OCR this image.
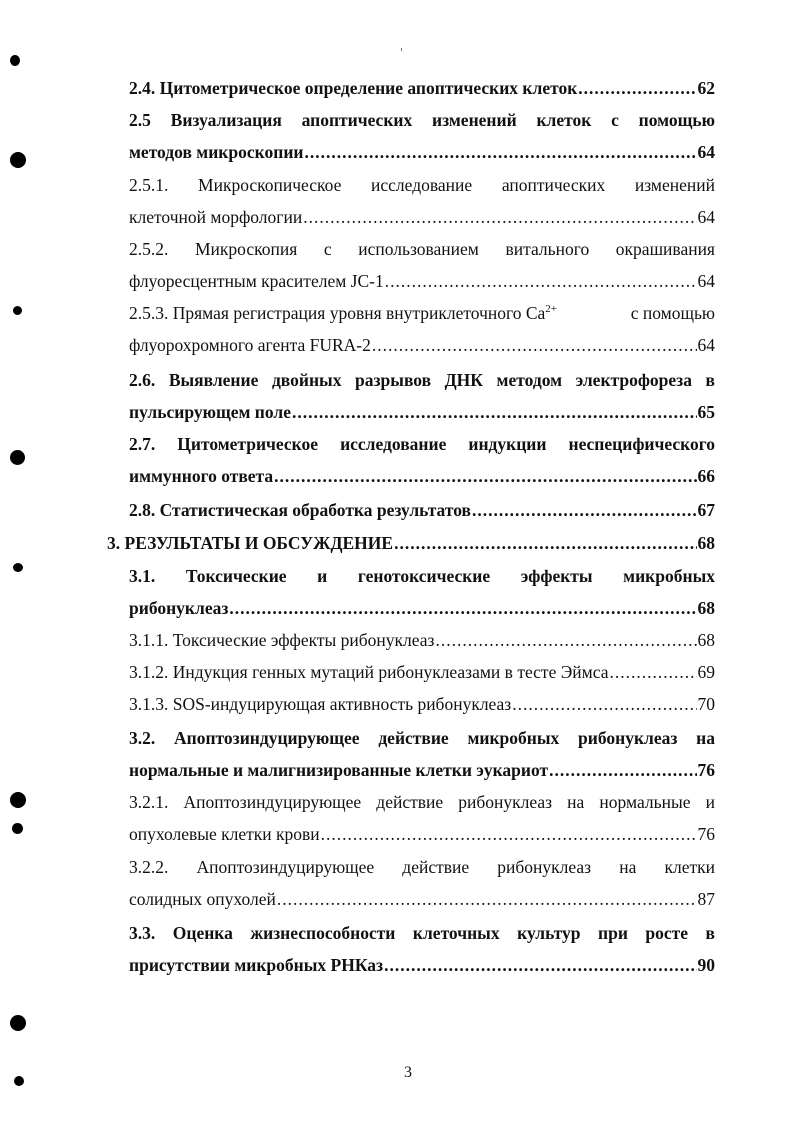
2.4. Цитометрическое определение апоптических клеток .....	62
2.5 Визуализация апоптических изменений клеток с помощью
методов микроскопии .....	64
2.5.1. Микроскопическое исследование апоптических изменений
клеточной морфологии .....	64
2.5.2. Микроскопия с использованием витального окрашивания
флуоресцентным красителем JC-1 .....	64
2.5.3. Прямая регистрация уровня внутриклеточного $Ca^{2+}$	с помощью
флуорохромного агента FURA-2 .....	64
2.6. Выявление двойных разрывов ДНК методом электрофореза в
пульсирующем поле .....	65
2.7. Цитометрическое исследование индукции неспецифического
иммунного ответа .....	66
2.8. Статистическая обработка результатов .....	67
3. РЕЗУЛЬТАТЫ И ОБСУЖДЕНИЕ .....	68
3.1. Токсические и генотоксические эффекты микробных
рибонуклеаз .....	68
3.1.1. Токсические эффекты рибонуклеаз .....	68
3.1.2. Индукция генных мутаций рибонуклеазами в тесте Эймса .....	69
3.1.3. SOS-индуцирующая активность рибонуклеаз .....	70
3.2. Апоптозиндуцирующее действие микробных рибонуклеаз на
нормальные и малигнизированные клетки эукариот .....	76
3.2.1. Апоптозиндуцирующее действие рибонуклеаз на нормальные и
опухолевые клетки крови .....	76
3.2.2. Апоптозиндуцирующее действие рибонуклеаз на клетки
солидных опухолей .....	87
3.3. Оценка жизнеспособности клеточных культур при росте в
присутствии микробных РНКаз .....	90
3
